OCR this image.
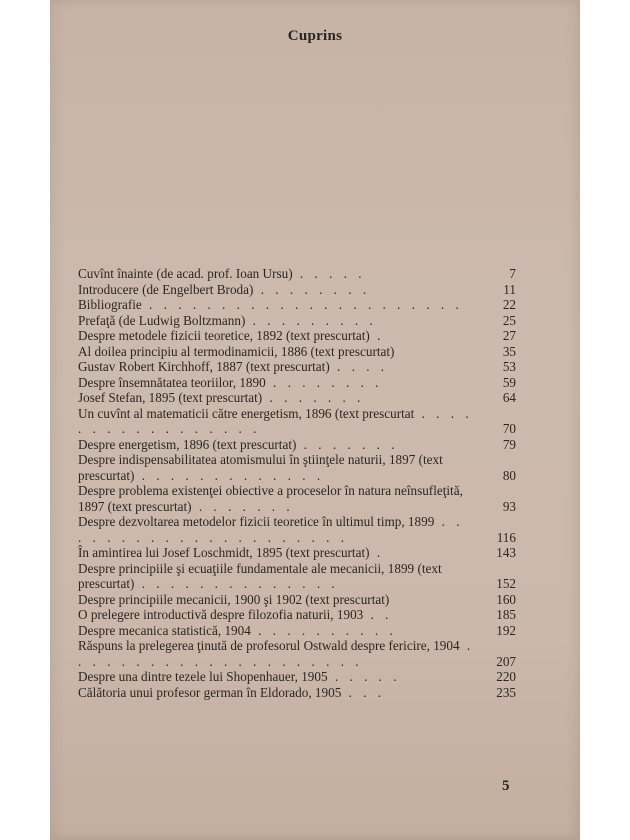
Cuprins
Cuvînt înainte (de acad. prof. Ioan Ursu) . . . . .	7
Introducere (de Engelbert Broda) . . . . . . . .	11
Bibliografie . . . . . . . . . . . . . . . . . . . . . .	22
Prefaţă (de Ludwig Boltzmann) . . . . . . . . .	25
Despre metodele fizicii teoretice, 1892 (text prescurtat) .	27
Al doilea principiu al termodinamicii, 1886 (text prescurtat)	35
Gustav Robert Kirchhoff, 1887 (text prescurtat) . . . .	53
Despre însemnătatea teoriilor, 1890 . . . . . . . .	59
Josef Stefan, 1895 (text prescurtat) . . . . . . .	64
Un cuvînt al matematicii către energetism, 1896 (text prescurtat . . . . . . . . . . . . . . . . .	70
Despre energetism, 1896 (text prescurtat) . . . . . . .	79
Despre indispensabilitatea atomismului în ştiinţele naturii, 1897 (text prescurtat) . . . . . . . . . . . . .	80
Despre problema existenţei obiective a proceselor în natura neînsufleţită, 1897 (text prescurtat) . . . . . . .	93
Despre dezvoltarea metodelor fizicii teoretice în ultimul timp, 1899 . . . . . . . . . . . . . . . . . . . . .	116
În amintirea lui Josef Loschmidt, 1895 (text prescurtat) .	143
Despre principiile şi ecuaţiile fundamentale ale mecanicii, 1899 (text prescurtat) . . . . . . . . . . . . . .	152
Despre principiile mecanicii, 1900 şi 1902 (text prescurtat)	160
O prelegere introductivă despre filozofia naturii, 1903 . .	185
Despre mecanica statistică, 1904 . . . . . . . . . .	192
Răspuns la prelegerea ţinută de profesorul Ostwald despre fericire, 1904 . . . . . . . . . . . . . . . . . . . . .	207
Despre una dintre tezele lui Shopenhauer, 1905 . . . . .	220
Călătoria unui profesor german în Eldorado, 1905 . . .	235
5
